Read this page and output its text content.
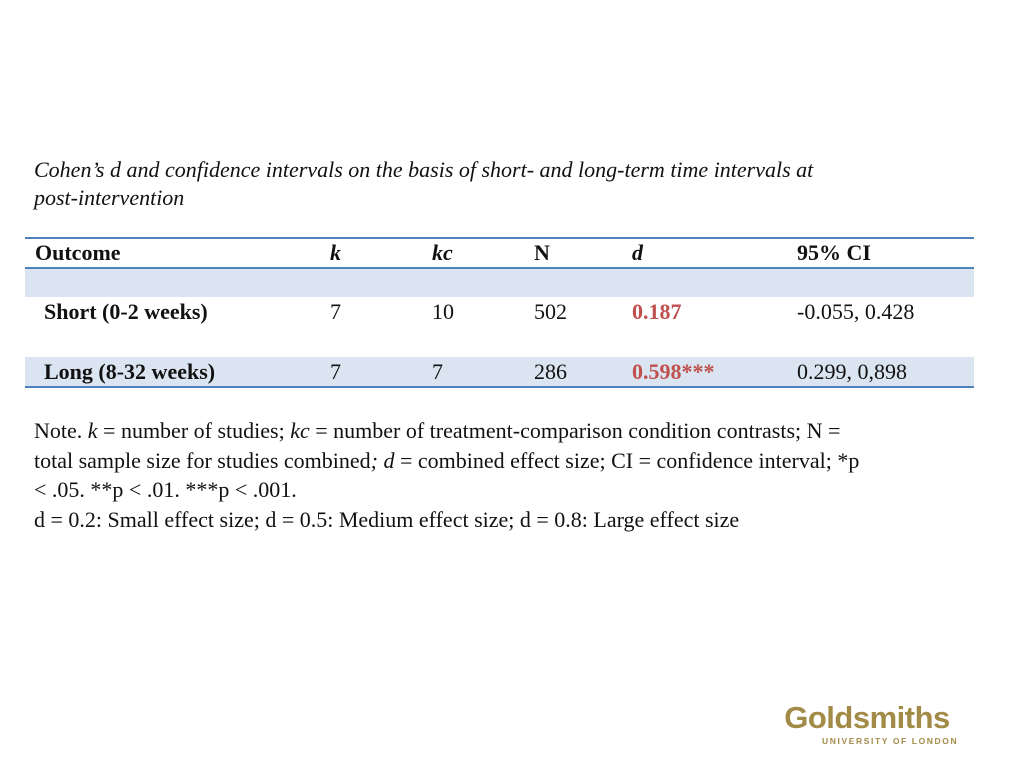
Cohen’s d and confidence intervals on the basis of short- and long-term time intervals at
post-intervention
Outcome	k	kc	N	d	95% CI

Short (0-2 weeks)	7	10	502	0.187	-0.055, 0.428

Long (8-32 weeks)	7	7	286	0.598***	0.299, 0,898

Note. k = number of studies; kc = number of treatment-comparison condition contrasts; N =

total sample size for studies combined; d = combined effect size; CI = confidence interval; *p

< .05. **p < .01. ***p < .001.

d = 0.2: Small effect size; d = 0.5: Medium effect size; d = 0.8: Large effect size

Goldsmiths
UNIVERSITY OF LONDON
